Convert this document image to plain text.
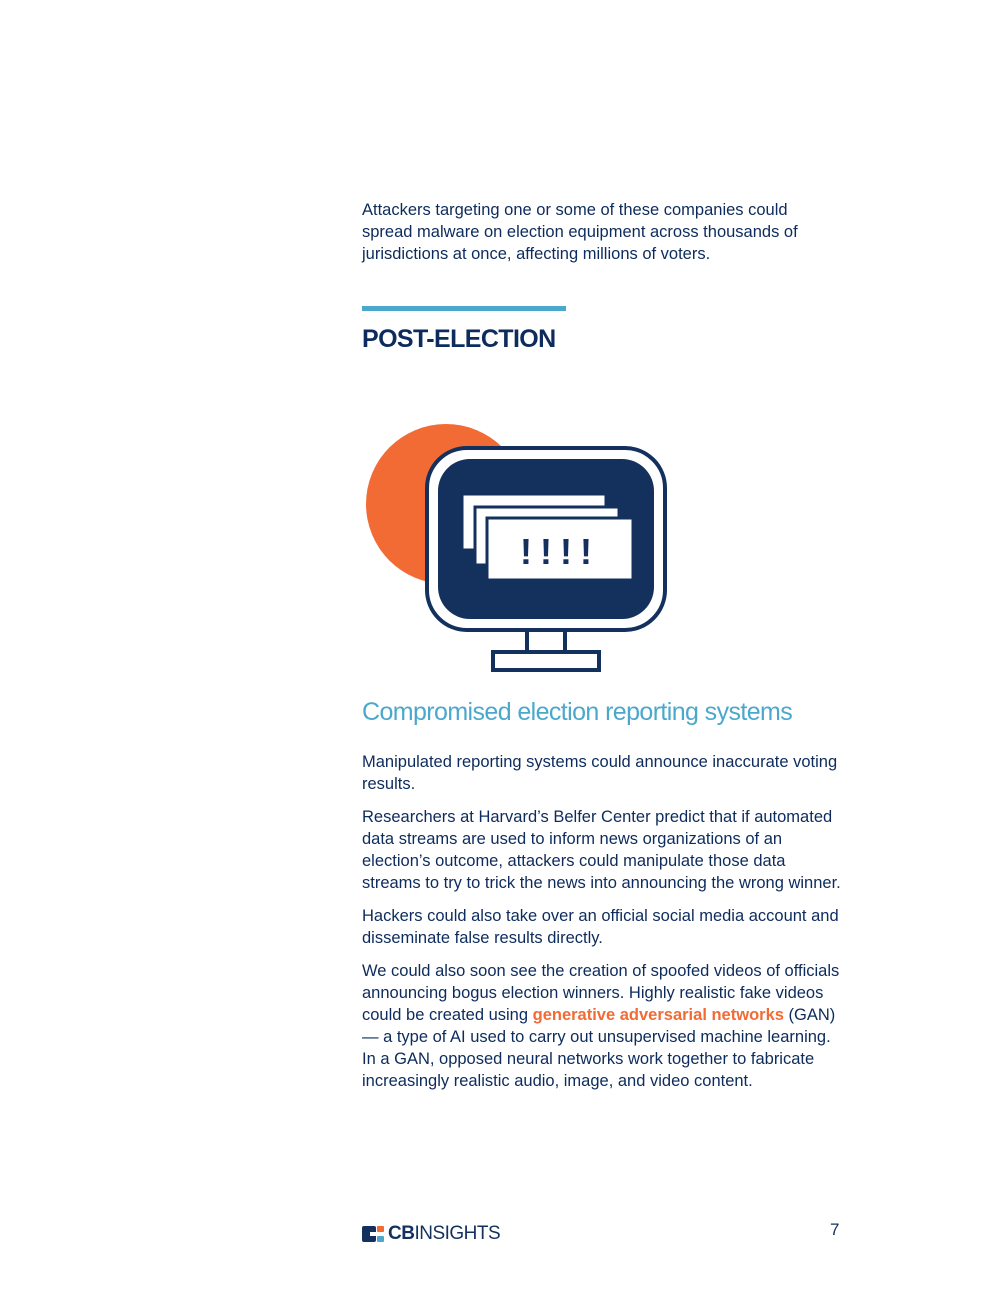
Attackers targeting one or some of these companies could spread malware on election equipment across thousands of jurisdictions at once, affecting millions of voters.

POST-ELECTION
!!!!
Compromised election reporting systems

Manipulated reporting systems could announce inaccurate voting results.

Researchers at Harvard’s Belfer Center predict that if automated data streams are used to inform news organizations of an election’s outcome, attackers could manipulate those data streams to try to trick the news into announcing the wrong winner.

Hackers could also take over an official social media account and disseminate false results directly.

We could also soon see the creation of spoofed videos of officials announcing bogus election winners. Highly realistic fake videos could be created using generative adversarial networks (GAN) — a type of AI used to carry out unsupervised machine learning. In a GAN, opposed neural networks work together to fabricate increasingly realistic audio, image, and video content.

CBINSIGHTS	7
